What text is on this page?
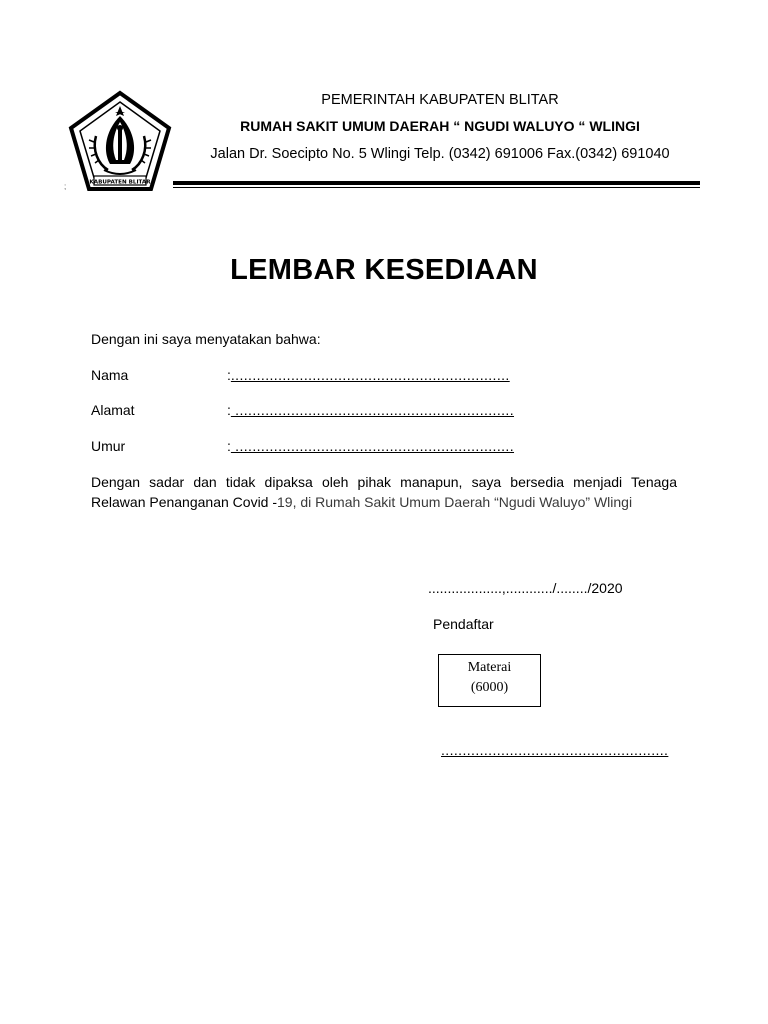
KABUPATEN BLITAR
;
PEMERINTAH KABUPATEN BLITAR
RUMAH SAKIT UMUM DAERAH “ NGUDI WALUYO “ WLINGI
Jalan Dr. Soecipto No. 5 Wlingi Telp. (0342) 691006 Fax.(0342) 691040
LEMBAR KESEDIAAN
Dengan ini saya menyatakan bahwa:
Nama	:.................................................................
Alamat	: .................................................................
Umur	: .................................................................
Dengan sadar dan tidak dipaksa oleh pihak manapun, saya bersedia menjadi Tenaga Relawan Penanganan Covid -19, di Rumah Sakit Umum Daerah “Ngudi Waluyo” Wlingi
...................,............/......../2020
Pendaftar
Materai
(6000)
.....................................................
